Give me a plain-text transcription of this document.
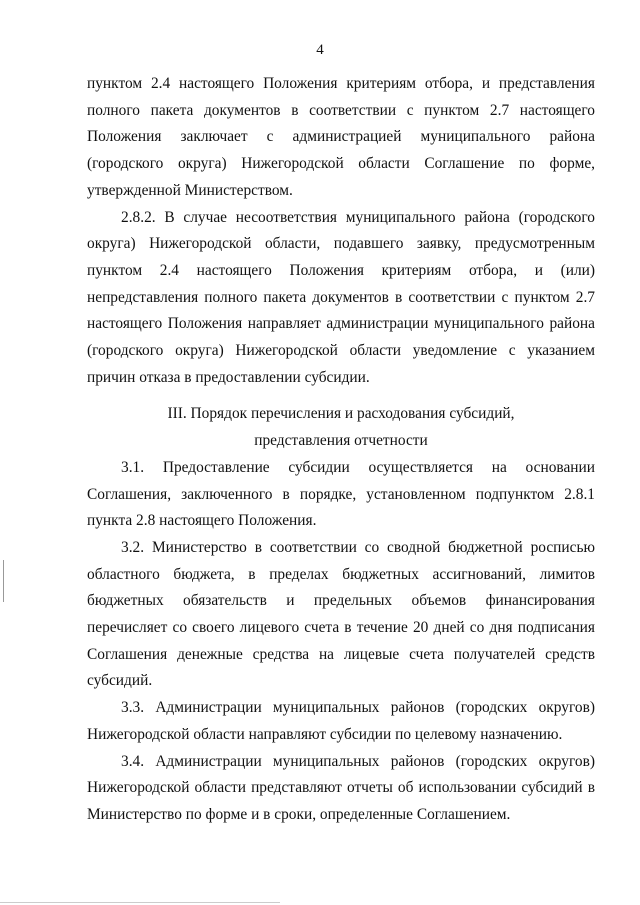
4

пунктом 2.4 настоящего Положения критериям отбора, и представления полного пакета документов в соответствии с пунктом 2.7 настоящего Положения заключает с администрацией муниципального района (городского округа) Нижегородской области Соглашение по форме, утвержденной Министерством.

2.8.2. В случае несоответствия муниципального района (городского округа) Нижегородской области, подавшего заявку, предусмотренным пунктом 2.4 настоящего Положения критериям отбора, и (или) непредставления полного пакета документов в соответствии с пунктом 2.7 настоящего Положения направляет администрации муниципального района (городского округа) Нижегородской области уведомление с указанием причин отказа в предоставлении субсидии.

III. Порядок перечисления и расходования субсидий,
представления отчетности

3.1. Предоставление субсидии осуществляется на основании Соглашения, заключенного в порядке, установленном подпунктом 2.8.1 пункта 2.8 настоящего Положения.

3.2. Министерство в соответствии со сводной бюджетной росписью областного бюджета, в пределах бюджетных ассигнований, лимитов бюджетных обязательств и предельных объемов финансирования перечисляет со своего лицевого счета в течение 20 дней со дня подписания Соглашения денежные средства на лицевые счета получателей средств субсидий.

3.3. Администрации муниципальных районов (городских округов) Нижегородской области направляют субсидии по целевому назначению.

3.4. Администрации муниципальных районов (городских округов) Нижегородской области представляют отчеты об использовании субсидий в Министерство по форме и в сроки, определенные Соглашением.
